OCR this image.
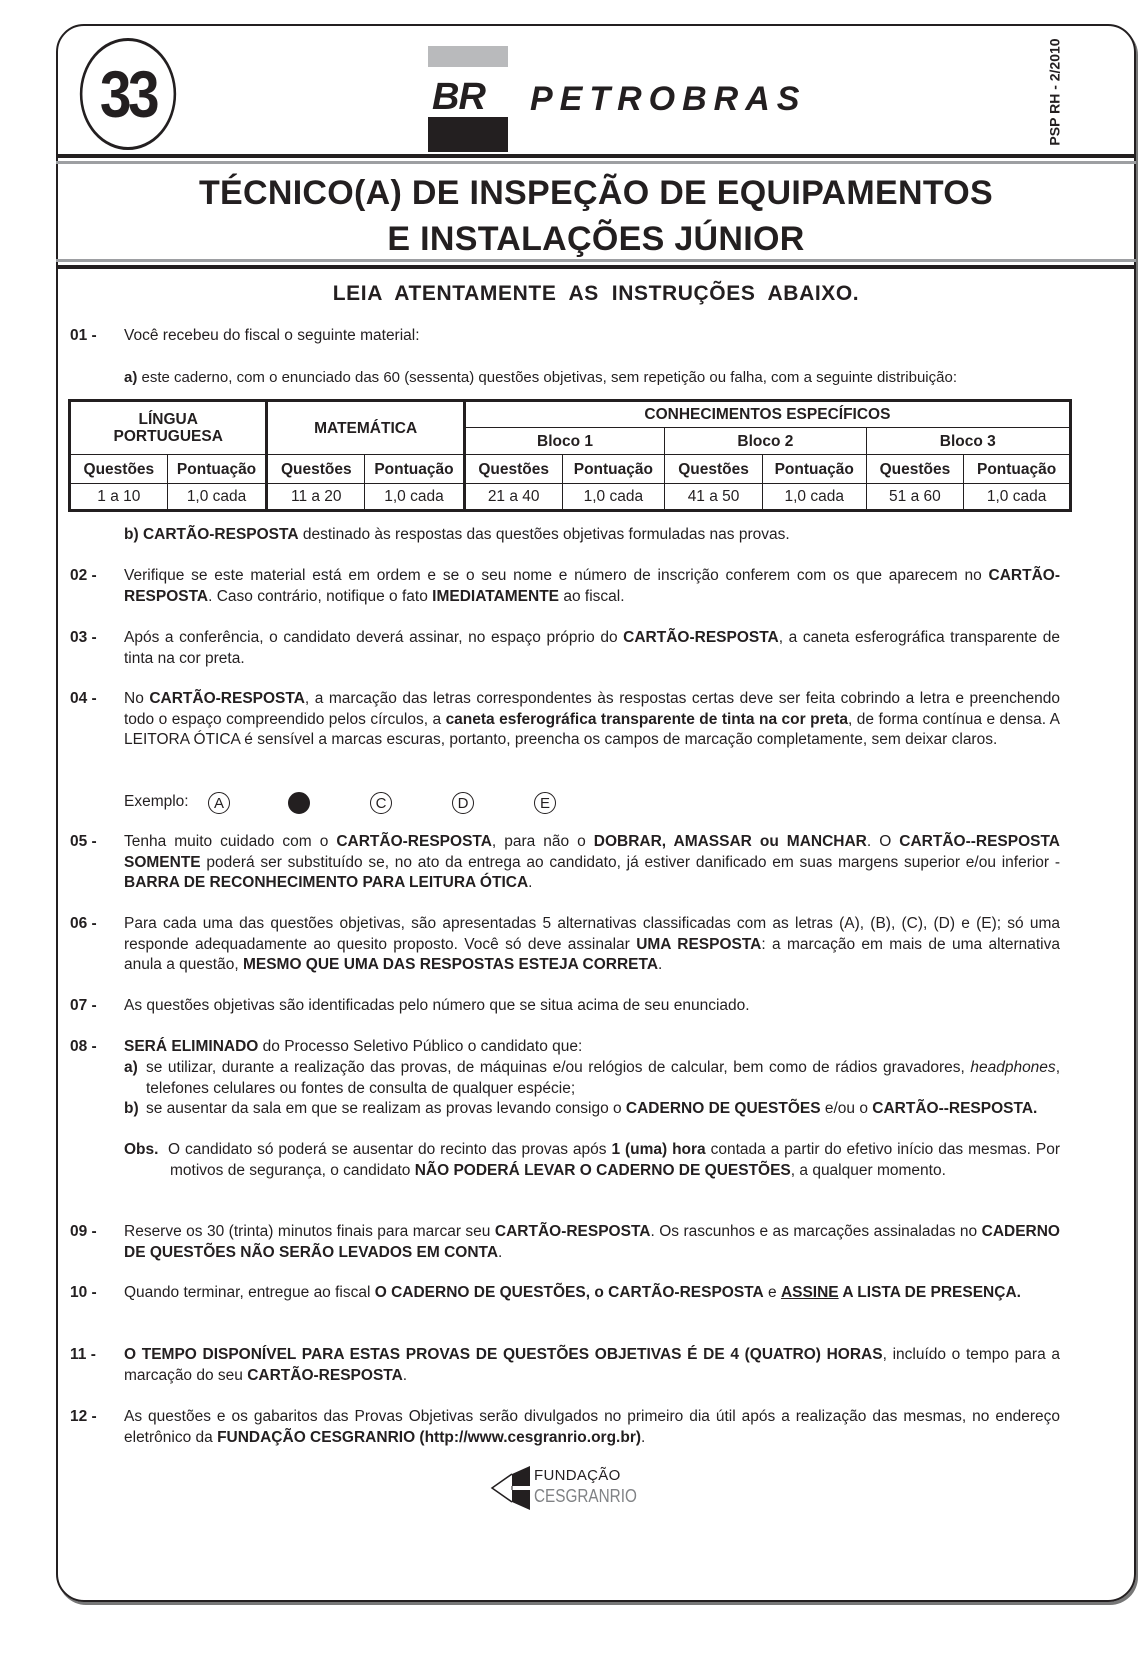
33	BR PETROBRAS	PSP RH - 2/2010
TÉCNICO(A) DE INSPEÇÃO DE EQUIPAMENTOS
E INSTALAÇÕES JÚNIOR
LEIA  ATENTAMENTE  AS  INSTRUÇÕES  ABAIXO.
01 -	Você recebeu do fiscal o seguinte material:
a) este caderno, com o enunciado das 60 (sessenta) questões objetivas, sem repetição ou falha, com a seguinte distribuição:
b) CARTÃO-RESPOSTA destinado às respostas das questões objetivas formuladas nas provas.
02 -	Verifique se este material está em ordem e se o seu nome e número de inscrição conferem com os que aparecem no CARTÃO-RESPOSTA. Caso contrário, notifique o fato IMEDIATAMENTE ao fiscal.
03 -	Após a conferência, o candidato deverá assinar, no espaço próprio do CARTÃO-RESPOSTA, a caneta esferográfica transparente de tinta na cor preta.
04 -	No CARTÃO-RESPOSTA, a marcação das letras correspondentes às respostas certas deve ser feita cobrindo a letra e preenchendo todo o espaço compreendido pelos círculos, a caneta esferográfica transparente de tinta na cor preta, de forma contínua e densa. A LEITORA ÓTICA é sensível a marcas escuras, portanto, preencha os campos de marcação completamente, sem deixar claros.
05 -	Tenha muito cuidado com o CARTÃO-RESPOSTA, para não o DOBRAR, AMASSAR ou MANCHAR. O CARTÃO--RESPOSTA SOMENTE poderá ser substituído se, no ato da entrega ao candidato, já estiver danificado em suas margens superior e/ou inferior - BARRA DE RECONHECIMENTO PARA LEITURA ÓTICA.
06 -	Para cada uma das questões objetivas, são apresentadas 5 alternativas classificadas com as letras (A), (B), (C), (D) e (E); só uma responde adequadamente ao quesito proposto. Você só deve assinalar UMA RESPOSTA: a marcação em mais de uma alternativa anula a questão, MESMO QUE UMA DAS RESPOSTAS ESTEJA CORRETA.
07 -	As questões objetivas são identificadas pelo número que se situa acima de seu enunciado.
08 -	SERÁ ELIMINADO do Processo Seletivo Público o candidato que:
a) se utilizar, durante a realização das provas, de máquinas e/ou relógios de calcular, bem como de rádios gravadores, headphones, telefones celulares ou fontes de consulta de qualquer espécie;
b) se ausentar da sala em que se realizam as provas levando consigo o CADERNO DE QUESTÕES e/ou o CARTÃO--RESPOSTA.
Obs. O candidato só poderá se ausentar do recinto das provas após 1 (uma) hora contada a partir do efetivo início das mesmas. Por motivos de segurança, o candidato NÃO PODERÁ LEVAR O CADERNO DE QUESTÕES, a qualquer momento.
09 -	Reserve os 30 (trinta) minutos finais para marcar seu CARTÃO-RESPOSTA. Os rascunhos e as marcações assinaladas no CADERNO DE QUESTÕES NÃO SERÃO LEVADOS EM CONTA.
10 -	Quando terminar, entregue ao fiscal O CADERNO DE QUESTÕES, o CARTÃO-RESPOSTA e ASSINE A LISTA DE PRESENÇA.
11 -	O TEMPO DISPONÍVEL PARA ESTAS PROVAS DE QUESTÕES OBJETIVAS É DE 4 (QUATRO) HORAS, incluído o tempo para a marcação do seu CARTÃO-RESPOSTA.
12 -	As questões e os gabaritos das Provas Objetivas serão divulgados no primeiro dia útil após a realização das mesmas, no endereço eletrônico da FUNDAÇÃO CESGRANRIO (http://www.cesgranrio.org.br).
LÍNGUA
PORTUGUESA		MATEMÁTICA		CONHECIMENTOS ESPECÍFICOS					
				Bloco 1		Bloco 2		Bloco 3	
Questões	Pontuação	Questões	Pontuação	Questões	Pontuação	Questões	Pontuação	Questões	Pontuação
1 a 10	1,0 cada	11 a 20	1,0 cada	21 a 40	1,0 cada	41 a 50	1,0 cada	51 a 60	1,0 cada
Exemplo: A	C	D	E
FUNDAÇÃO
CESGRANRIO
